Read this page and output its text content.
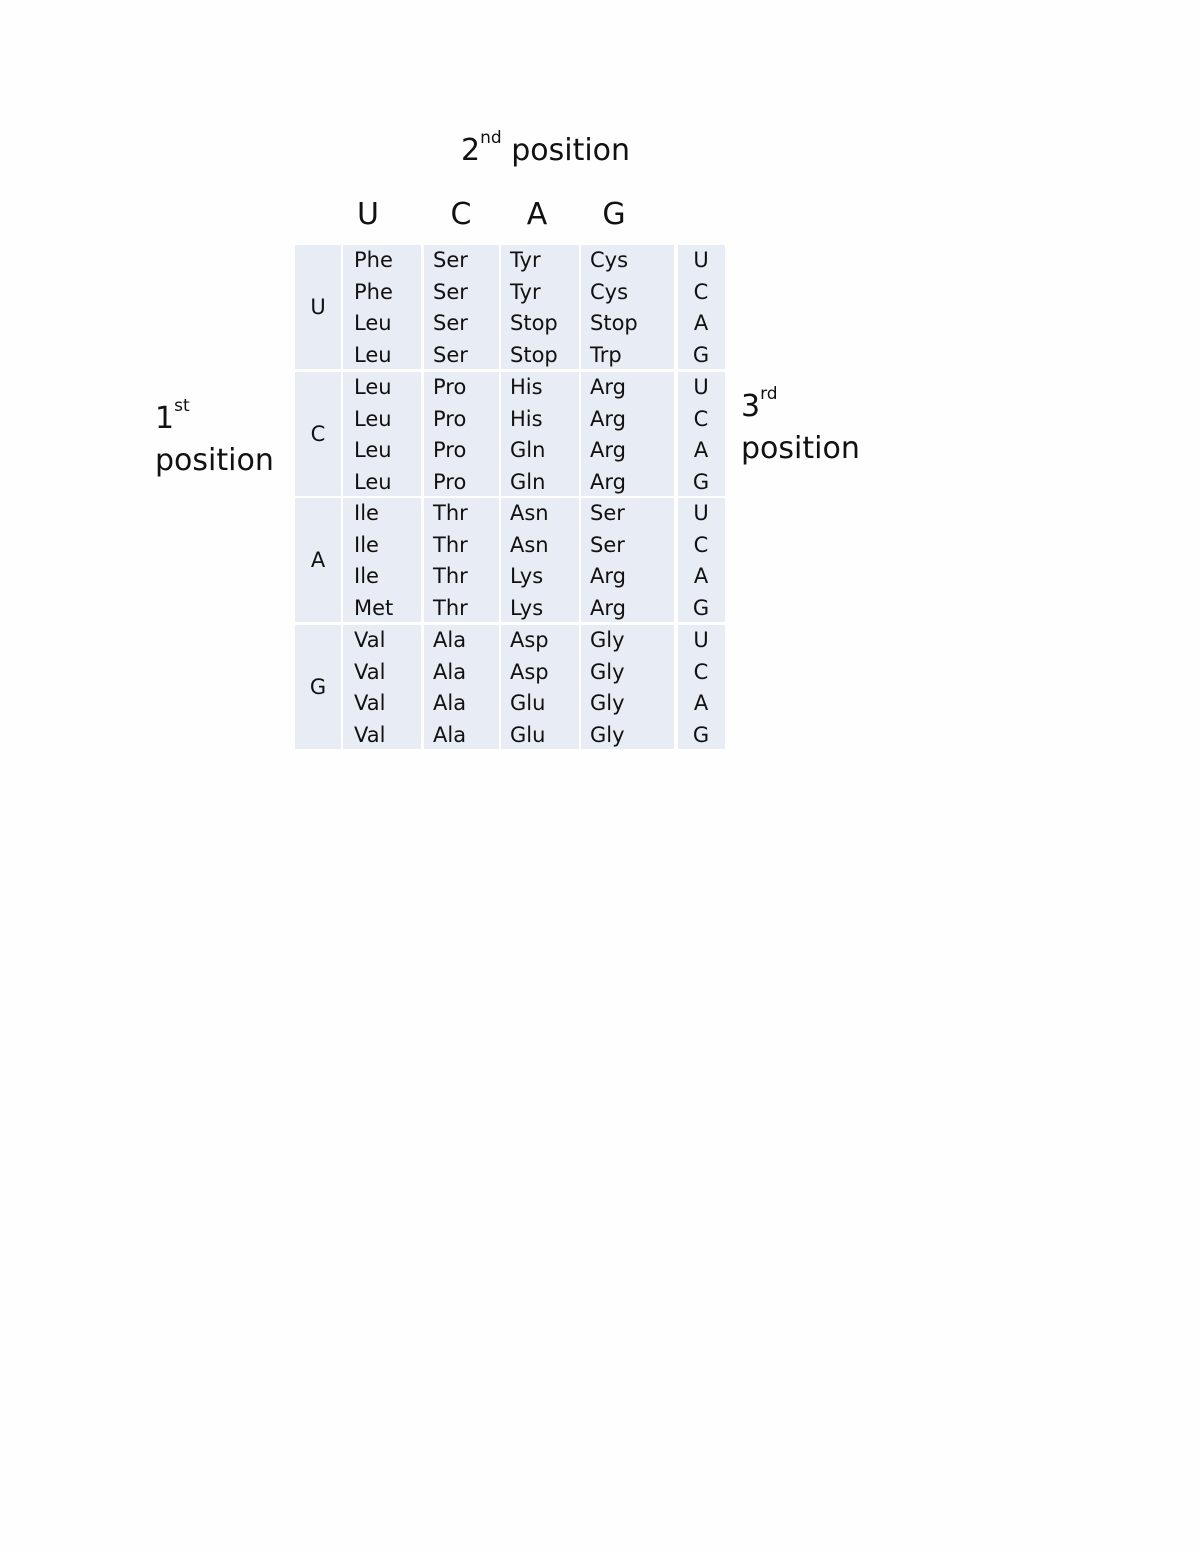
2nd position
1st
position
3rd
position
U	C	A	G
U
Phe Ser Tyr Cys	U
Phe Ser Tyr Cys	C
Leu Ser Stop Stop	A
Leu Ser Stop Trp	G
C
Leu Pro His Arg	U
Leu Pro His Arg	C
Leu Pro Gln Arg	A
Leu Pro Gln Arg	G
A
Ile	Thr Asn Ser	U
Ile	Thr Asn Ser	C
Ile	Thr Lys Arg	A
Met Thr Lys Arg	G
G
Val Ala Asp Gly	U
Val Ala Asp Gly	C
Val Ala Glu Gly	A
Val Ala Glu Gly	G
